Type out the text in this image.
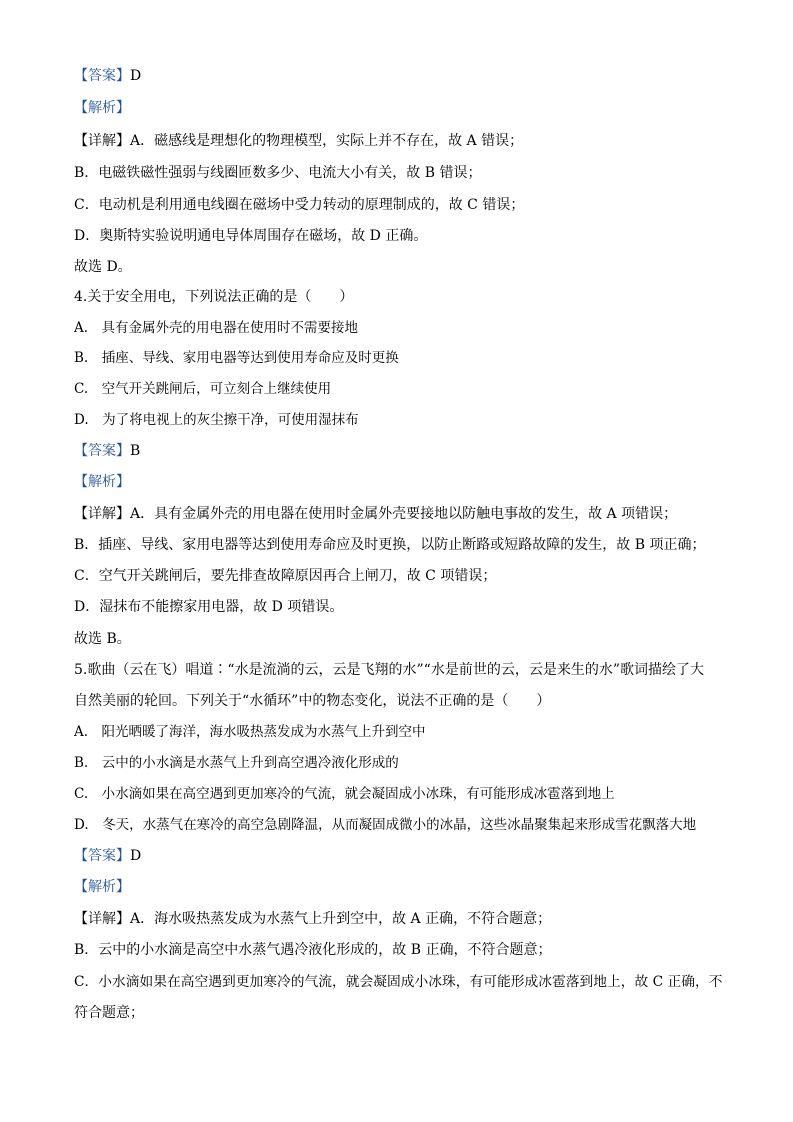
【答案】D
【解析】
【详解】A．磁感线是理想化的物理模型，实际上并不存在，故 A 错误；
B．电磁铁磁性强弱与线圈匝数多少、电流大小有关，故 B 错误；
C．电动机是利用通电线圈在磁场中受力转动的原理制成的，故 C 错误；
D．奥斯特实验说明通电导体周围存在磁场，故 D 正确。
故选 D。
4.关于安全用电，下列说法正确的是（　　）
A.　具有金属外壳的用电器在使用时不需要接地
B.　插座、导线、家用电器等达到使用寿命应及时更换
C.　空气开关跳闸后，可立刻合上继续使用
D.　为了将电视上的灰尘擦干净，可使用湿抹布
【答案】B
【解析】
【详解】A．具有金属外壳的用电器在使用时金属外壳要接地以防触电事故的发生，故 A 项错误；
B．插座、导线、家用电器等达到使用寿命应及时更换，以防止断路或短路故障的发生，故 B 项正确；
C．空气开关跳闸后，要先排查故障原因再合上闸刀，故 C 项错误；
D．湿抹布不能擦家用电器，故 D 项错误。
故选 B。
5.歌曲（云在飞）唱道∶“水是流淌的云，云是飞翔的水”“水是前世的云，云是来生的水”歌词描绘了大
自然美丽的轮回。下列关于“水循环”中的物态变化，说法不正确的是（　　）
A.　阳光晒暖了海洋，海水吸热蒸发成为水蒸气上升到空中
B.　云中的小水滴是水蒸气上升到高空遇冷液化形成的
C.　小水滴如果在高空遇到更加寒冷的气流，就会凝固成小冰珠，有可能形成冰雹落到地上
D.　冬天，水蒸气在寒冷的高空急剧降温，从而凝固成微小的冰晶，这些冰晶聚集起来形成雪花飘落大地
【答案】D
【解析】
【详解】A．海水吸热蒸发成为水蒸气上升到空中，故 A 正确，不符合题意；
B．云中的小水滴是高空中水蒸气遇冷液化形成的，故 B 正确，不符合题意；
C．小水滴如果在高空遇到更加寒冷的气流，就会凝固成小冰珠，有可能形成冰雹落到地上，故 C 正确，不
符合题意；
